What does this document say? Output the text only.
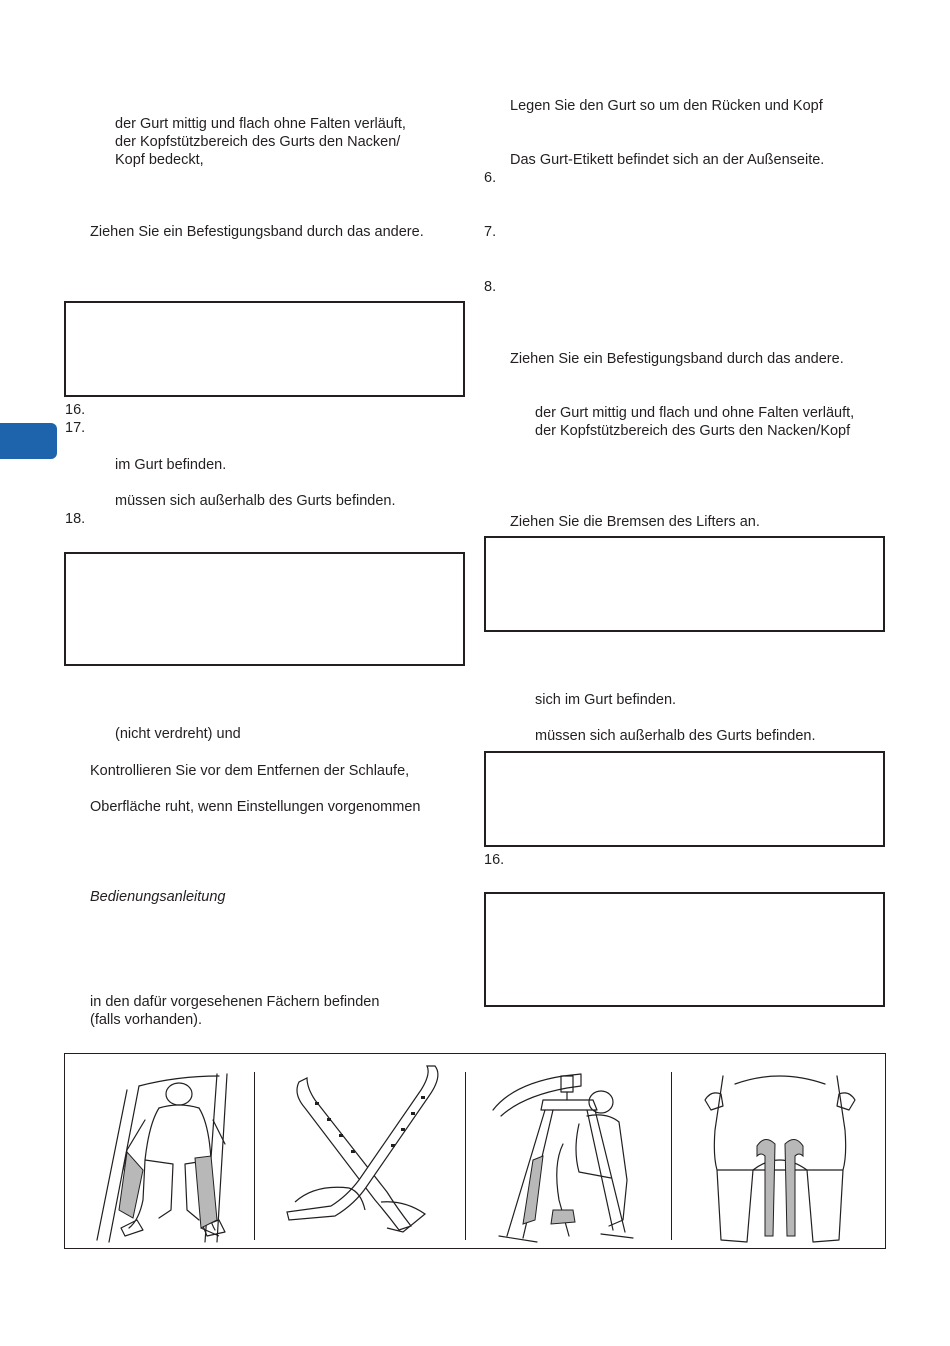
der Gurt mittig und flach ohne Falten verläuft,
der Kopfstützbereich des Gurts den Nacken/
Kopf bedeckt,
Ziehen Sie ein Befestigungsband durch das andere.
16.
17.
im Gurt befinden.
müssen sich außerhalb des Gurts befinden.
18.
(nicht verdreht) und
Kontrollieren Sie vor dem Entfernen der Schlaufe,
Oberfläche ruht, wenn Einstellungen vorgenommen
Bedienungsanleitung
in den dafür vorgesehenen Fächern befinden
(falls vorhanden).
Legen Sie den Gurt so um den Rücken und Kopf
Das Gurt-Etikett befindet sich an der Außenseite.
6.
7.
8.
Ziehen Sie ein Befestigungsband durch das andere.
der Gurt mittig und flach und ohne Falten verläuft,
der Kopfstützbereich des Gurts den Nacken/Kopf
Ziehen Sie die Bremsen des Lifters an.
sich im Gurt befinden.
müssen sich außerhalb des Gurts befinden.
16.
